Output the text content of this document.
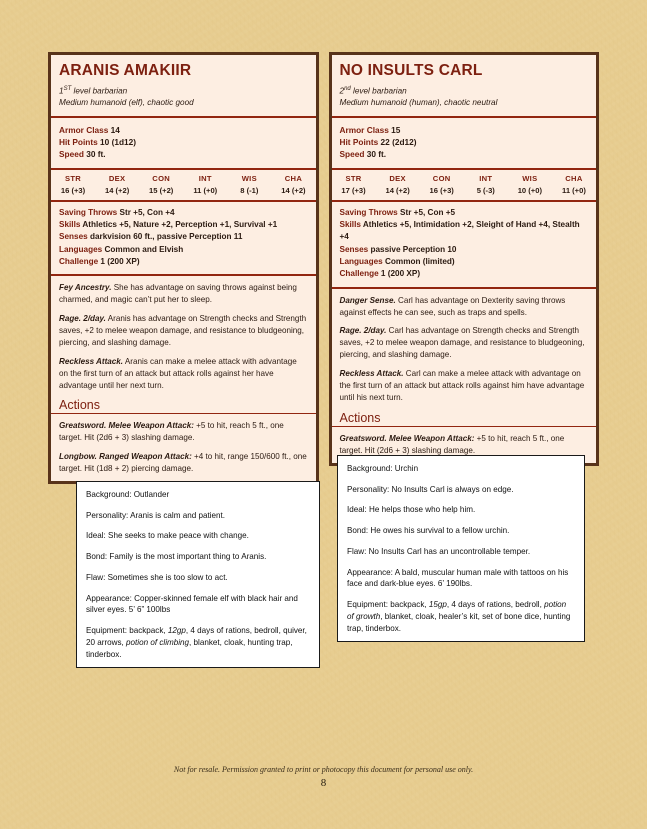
ARANIS AMAKIIR
1ST level barbarian
Medium humanoid (elf), chaotic good
Armor Class 14
Hit Points 10 (1d12)
Speed 30 ft.
STR	DEX	CON	INT	WIS	CHA
16 (+3)	14 (+2)	15 (+2)	11 (+0)	8 (-1)	14 (+2)
Saving Throws Str +5, Con +4
Skills Athletics +5, Nature +2, Perception +1, Survival +1
Senses darkvision 60 ft., passive Perception 11
Languages Common and Elvish
Challenge 1 (200 XP)

Fey Ancestry. She has advantage on saving throws against being charmed, and magic can’t put her to sleep.

Rage. 2/day. Aranis has advantage on Strength checks and Strength saves, +2 to melee weapon damage, and resistance to bludgeoning, piercing, and slashing damage.

Reckless Attack. Aranis can make a melee attack with advantage on the first turn of an attack but attack rolls against her have advantage until her next turn.

Actions

Greatsword. Melee Weapon Attack: +5 to hit, reach 5 ft., one target. Hit (2d6 + 3) slashing damage.

Longbow. Ranged Weapon Attack: +4 to hit, range 150/600 ft., one target. Hit (1d8 + 2) piercing damage.

NO INSULTS CARL
2nd level barbarian
Medium humanoid (human), chaotic neutral
Armor Class 15
Hit Points 22 (2d12)
Speed 30 ft.
STR	DEX	CON	INT	WIS	CHA
17 (+3)	14 (+2)	16 (+3)	5 (-3)	10 (+0)	11 (+0)
Saving Throws Str +5, Con +5
Skills Athletics +5, Intimidation +2, Sleight of Hand +4, Stealth +4
Senses passive Perception 10
Languages Common (limited)
Challenge 1 (200 XP)

Danger Sense. Carl has advantage on Dexterity saving throws against effects he can see, such as traps and spells.

Rage. 2/day. Carl has advantage on Strength checks and Strength saves, +2 to melee weapon damage, and resistance to bludgeoning, piercing, and slashing damage.

Reckless Attack. Carl can make a melee attack with advantage on the first turn of an attack but attack rolls against him have advantage until his next turn.

Actions

Greatsword. Melee Weapon Attack: +5 to hit, reach 5 ft., one target. Hit (2d6 + 3) slashing damage.

Background: Outlander

Personality: Aranis is calm and patient.

Ideal: She seeks to make peace with change.

Bond: Family is the most important thing to Aranis.

Flaw: Sometimes she is too slow to act.

Appearance: Copper-skinned female elf with black hair and silver eyes. 5’ 6” 100lbs

Equipment: backpack, 12gp, 4 days of rations, bedroll, quiver, 20 arrows, potion of climbing, blanket, cloak, hunting trap, tinderbox.

Background: Urchin

Personality: No Insults Carl is always on edge.

Ideal: He helps those who help him.

Bond: He owes his survival to a fellow urchin.

Flaw: No Insults Carl has an uncontrollable temper.

Appearance: A bald, muscular human male with tattoos on his face and dark-blue eyes. 6’ 190lbs.

Equipment: backpack, 15gp, 4 days of rations, bedroll, potion of growth, blanket, cloak, healer’s kit, set of bone dice, hunting trap, tinderbox.

Not for resale. Permission granted to print or photocopy this document for personal use only.
8
